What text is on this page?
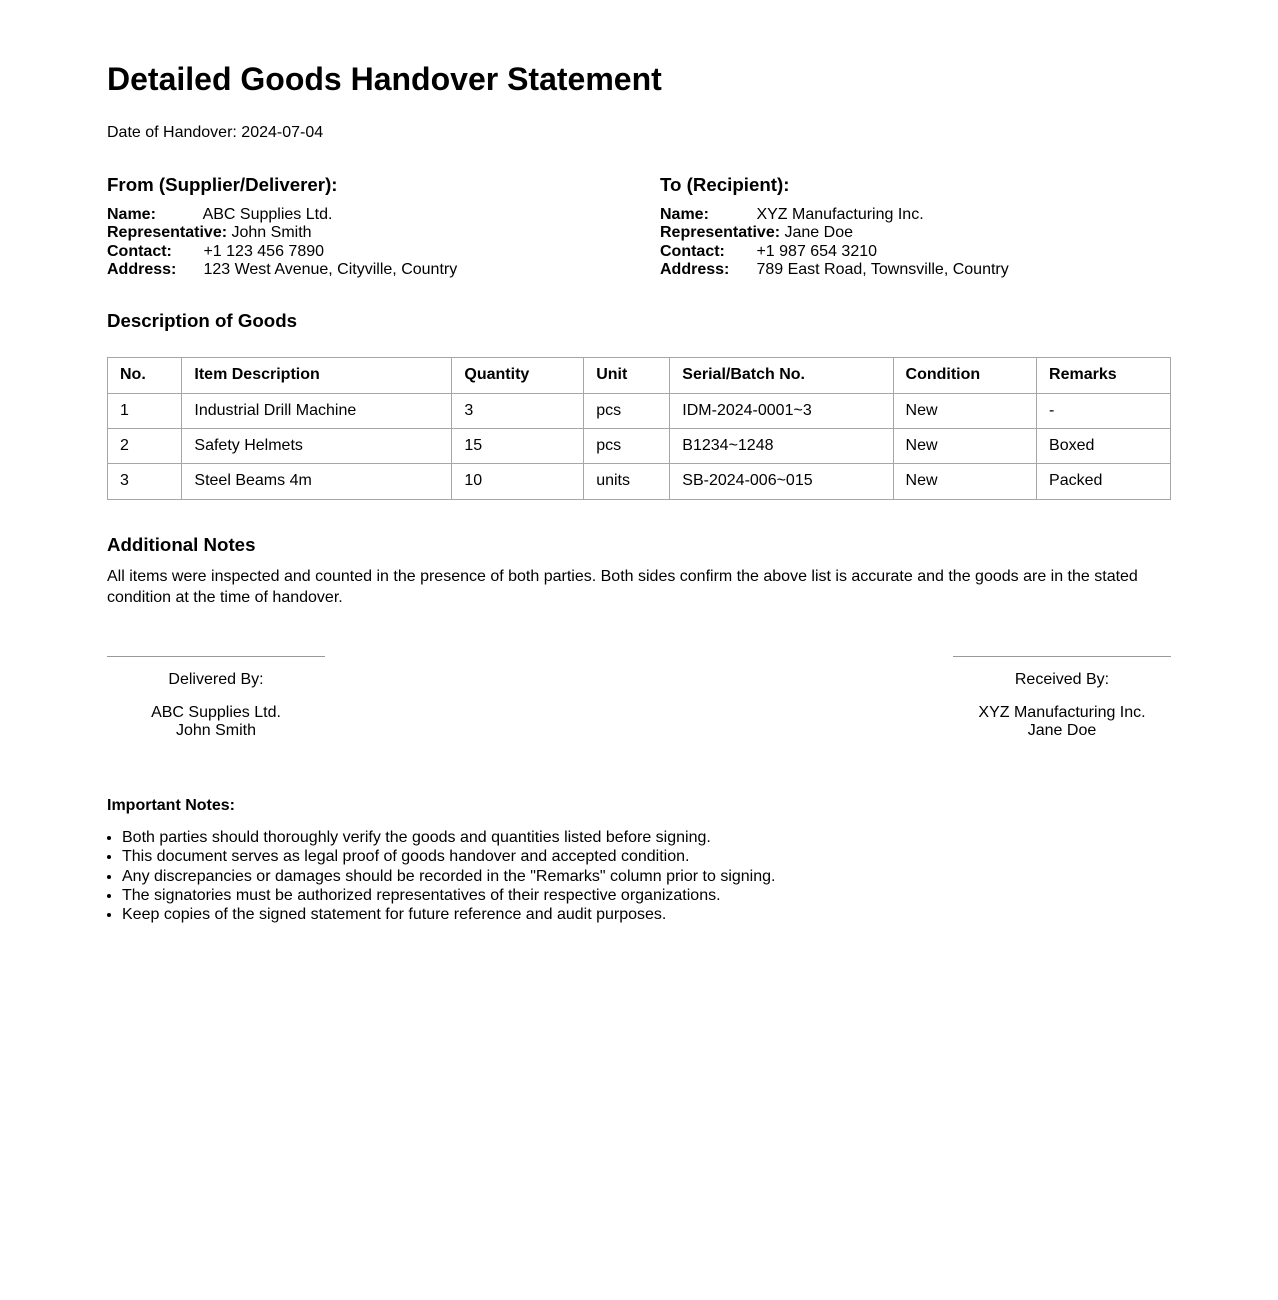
Detailed Goods Handover Statement

Date of Handover: 2024-07-04

From (Supplier/Deliverer):
Name:	ABC Supplies Ltd.
Representative: John Smith
Contact: +1 123 456 7890
Address: 123 West Avenue, Cityville, Country
To (Recipient):
Name:	XYZ Manufacturing Inc.
Representative: Jane Doe
Contact: +1 987 654 3210
Address: 789 East Road, Townsville, Country
Description of Goods
No.	Item Description	Quantity	Unit	Serial/Batch No.	Condition	Remarks
1	Industrial Drill Machine	3	pcs	IDM-2024-0001~3	New	-
2	Safety Helmets	15	pcs	B1234~1248	New	Boxed
3	Steel Beams 4m	10	units	SB-2024-006~015	New	Packed
Additional Notes

All items were inspected and counted in the presence of both parties. Both sides confirm the above list is accurate and the goods are in the stated condition at the time of handover.

Delivered By:
ABC Supplies Ltd.
John Smith
Received By:
XYZ Manufacturing Inc.
Jane Doe
Important Notes:
• Both parties should thoroughly verify the goods and quantities listed before signing.
• This document serves as legal proof of goods handover and accepted condition.
• Any discrepancies or damages should be recorded in the "Remarks" column prior to signing.
• The signatories must be authorized representatives of their respective organizations.
• Keep copies of the signed statement for future reference and audit purposes.
